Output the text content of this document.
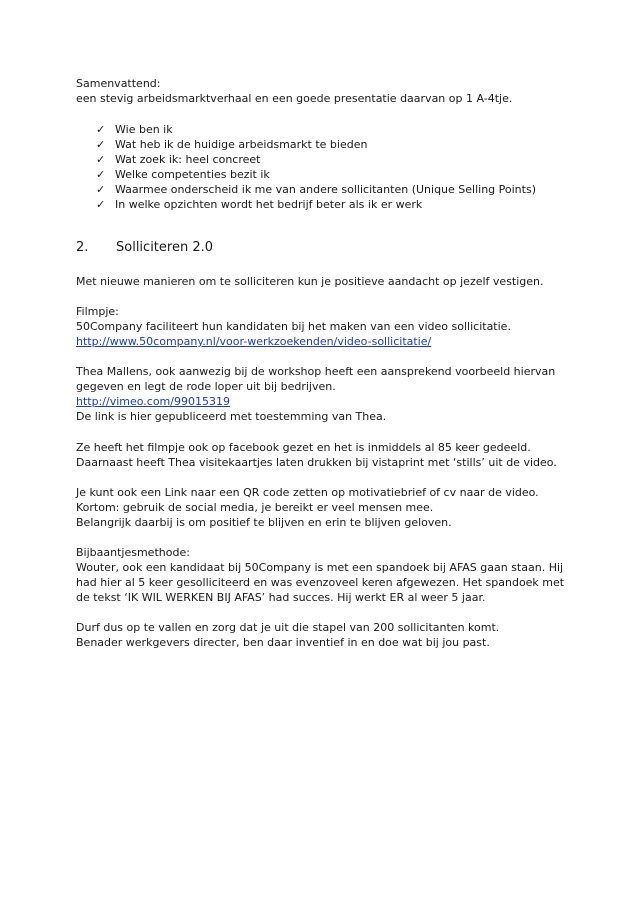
Samenvattend:
een stevig arbeidsmarktverhaal en een goede presentatie daarvan op 1 A-4tje.
✓ Wie ben ik
✓ Wat heb ik de huidige arbeidsmarkt te bieden
✓ Wat zoek ik: heel concreet
✓ Welke competenties bezit ik
✓ Waarmee onderscheid ik me van andere sollicitanten (Unique Selling Points)
✓ In welke opzichten wordt het bedrijf beter als ik er werk
2. Solliciteren 2.0
Met nieuwe manieren om te solliciteren kun je positieve aandacht op jezelf vestigen.
Filmpje:
50Company faciliteert hun kandidaten bij het maken van een video sollicitatie.
http://www.50company.nl/voor-werkzoekenden/video-sollicitatie/
Thea Mallens, ook aanwezig bij de workshop heeft een aansprekend voorbeeld hiervan
gegeven en legt de rode loper uit bij bedrijven.
http://vimeo.com/99015319
De link is hier gepubliceerd met toestemming van Thea.
Ze heeft het filmpje ook op facebook gezet en het is inmiddels al 85 keer gedeeld.
Daarnaast heeft Thea visitekaartjes laten drukken bij vistaprint met ‘stills’ uit de video.
Je kunt ook een Link naar een QR code zetten op motivatiebrief of cv naar de video.
Kortom: gebruik de social media, je bereikt er veel mensen mee.
Belangrijk daarbij is om positief te blijven en erin te blijven geloven.
Bijbaantjesmethode:
Wouter, ook een kandidaat bij 50Company is met een spandoek bij AFAS gaan staan. Hij
had hier al 5 keer gesolliciteerd en was evenzoveel keren afgewezen. Het spandoek met
de tekst ‘IK WIL WERKEN BIJ AFAS’ had succes. Hij werkt ER al weer 5 jaar.
Durf dus op te vallen en zorg dat je uit die stapel van 200 sollicitanten komt.
Benader werkgevers directer, ben daar inventief in en doe wat bij jou past.
